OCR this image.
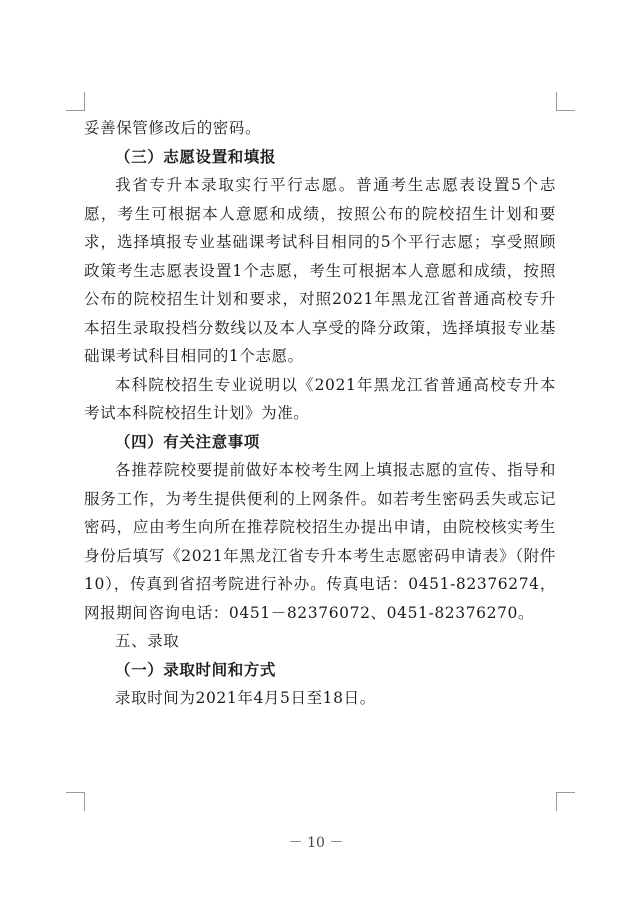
妥善保管修改后的密码。

（三）志愿设置和填报

我省专升本录取实行平行志愿。普通考生志愿表设置5个志愿，考生可根据本人意愿和成绩，按照公布的院校招生计划和要求，选择填报专业基础课考试科目相同的5个平行志愿；享受照顾政策考生志愿表设置1个志愿，考生可根据本人意愿和成绩，按照公布的院校招生计划和要求，对照2021年黑龙江省普通高校专升本招生录取投档分数线以及本人享受的降分政策，选择填报专业基础课考试科目相同的1个志愿。

本科院校招生专业说明以《2021年黑龙江省普通高校专升本考试本科院校招生计划》为准。

（四）有关注意事项

各推荐院校要提前做好本校考生网上填报志愿的宣传、指导和服务工作，为考生提供便利的上网条件。如若考生密码丢失或忘记密码，应由考生向所在推荐院校招生办提出申请，由院校核实考生身份后填写《2021年黑龙江省专升本考生志愿密码申请表》（附件10），传真到省招考院进行补办。传真电话：0451-82376274，网报期间咨询电话：0451－82376072、0451-82376270。

五、录取

（一）录取时间和方式

录取时间为2021年4月5日至18日。

－ 10 －
